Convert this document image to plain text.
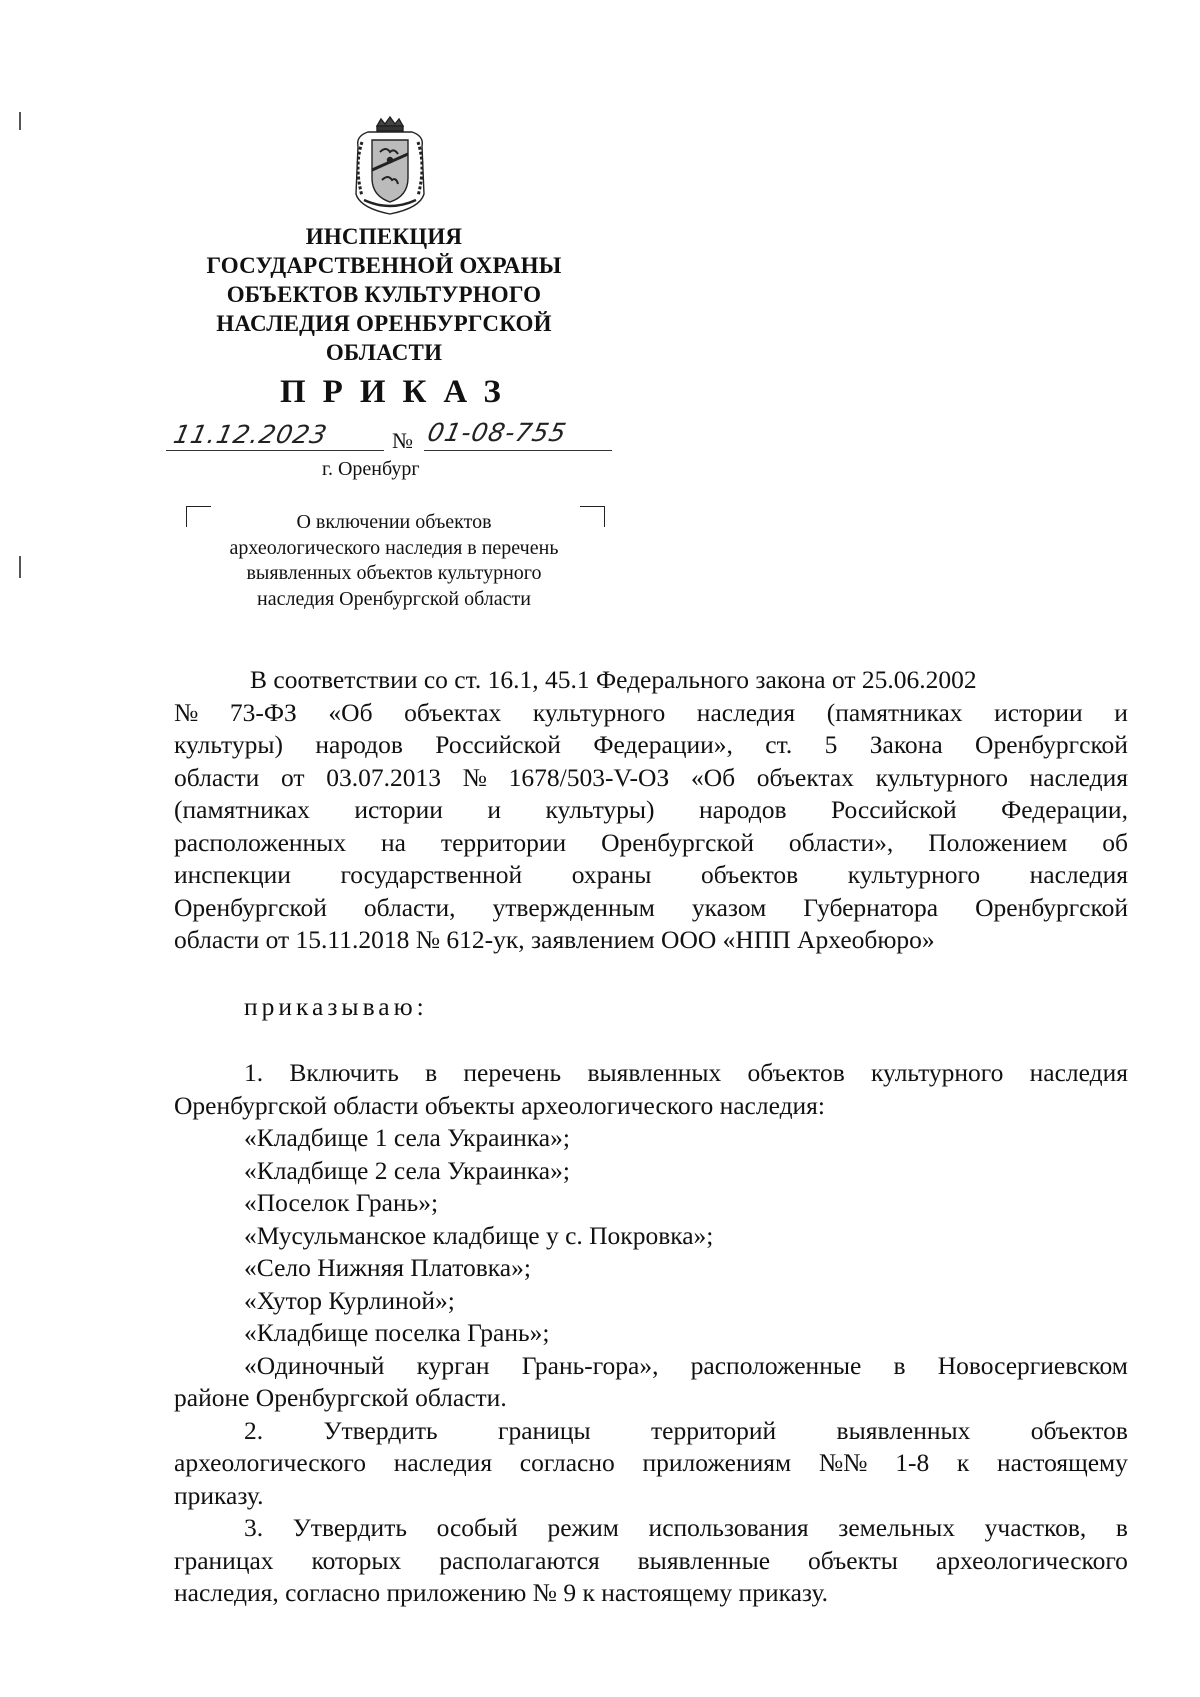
ИНСПЕКЦИЯ
ГОСУДАРСТВЕННОЙ ОХРАНЫ
ОБЪЕКТОВ КУЛЬТУРНОГО
НАСЛЕДИЯ ОРЕНБУРГСКОЙ
ОБЛАСТИ
ПРИКАЗ
11.12.2023	№ 01-08-755
г. Оренбург
О включении объектов
археологического наследия в перечень
выявленных объектов культурного
наследия Оренбургской области
В соответствии со ст. 16.1, 45.1 Федерального закона от 25.06.2002
№ 73-ФЗ «Об объектах культурного наследия (памятниках истории и
культуры) народов Российской Федерации», ст. 5 Закона Оренбургской
области от 03.07.2013 № 1678/503-V-ОЗ «Об объектах культурного наследия
(памятниках истории и культуры) народов Российской Федерации,
расположенных на территории Оренбургской области», Положением об
инспекции государственной охраны объектов культурного наследия
Оренбургской области, утвержденным указом Губернатора Оренбургской
области от 15.11.2018 № 612-ук, заявлением ООО «НПП Археобюро»
приказываю:
1. Включить в перечень выявленных объектов культурного наследия
Оренбургской области объекты археологического наследия:
«Кладбище 1 села Украинка»;
«Кладбище 2 села Украинка»;
«Поселок Грань»;
«Мусульманское кладбище у с. Покровка»;
«Село Нижняя Платовка»;
«Хутор Курлиной»;
«Кладбище поселка Грань»;
«Одиночный курган Грань-гора», расположенные в Новосергиевском
районе Оренбургской области.
2. Утвердить границы территорий выявленных объектов
археологического наследия согласно приложениям №№ 1-8 к настоящему
приказу.
3. Утвердить особый режим использования земельных участков, в
границах которых располагаются выявленные объекты археологического
наследия, согласно приложению № 9 к настоящему приказу.
